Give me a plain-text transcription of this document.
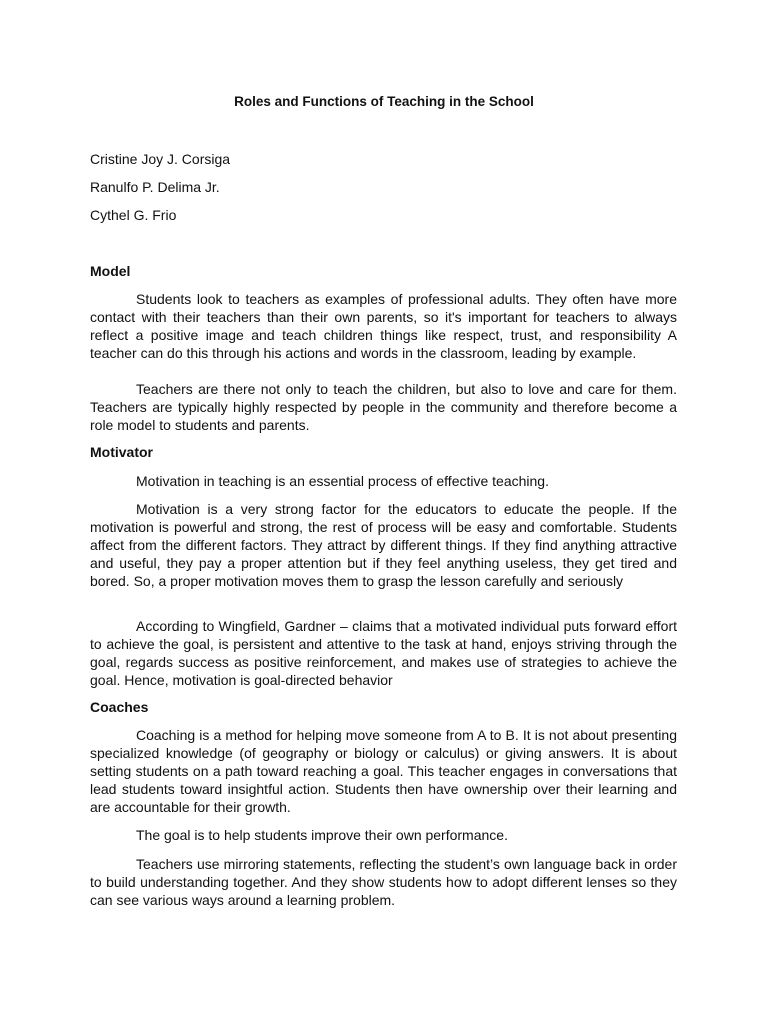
Roles and Functions of Teaching in the School
Cristine Joy J. Corsiga
Ranulfo P. Delima Jr.
Cythel G. Frio
Model

Students look to teachers as examples of professional adults. They often have more contact with their teachers than their own parents, so it's important for teachers to always reflect a positive image and teach children things like respect, trust, and responsibility A teacher can do this through his actions and words in the classroom, leading by example.

Teachers are there not only to teach the children, but also to love and care for them. Teachers are typically highly respected by people in the community and therefore become a role model to students and parents.

Motivator

Motivation in teaching is an essential process of effective teaching.

Motivation is a very strong factor for the educators to educate the people. If the motivation is powerful and strong, the rest of process will be easy and comfortable. Students affect from the different factors. They attract by different things. If they find anything attractive and useful, they pay a proper attention but if they feel anything useless, they get tired and bored. So, a proper motivation moves them to grasp the lesson carefully and seriously

According to Wingfield, Gardner – claims that a motivated individual puts forward effort to achieve the goal, is persistent and attentive to the task at hand, enjoys striving through the goal, regards success as positive reinforcement, and makes use of strategies to achieve the goal. Hence, motivation is goal-directed behavior

Coaches

Coaching is a method for helping move someone from A to B. It is not about presenting specialized knowledge (of geography or biology or calculus) or giving answers. It is about setting students on a path toward reaching a goal. This teacher engages in conversations that lead students toward insightful action. Students then have ownership over their learning and are accountable for their growth.

The goal is to help students improve their own performance.

Teachers use mirroring statements, reflecting the student’s own language back in order to build understanding together. And they show students how to adopt different lenses so they can see various ways around a learning problem.
